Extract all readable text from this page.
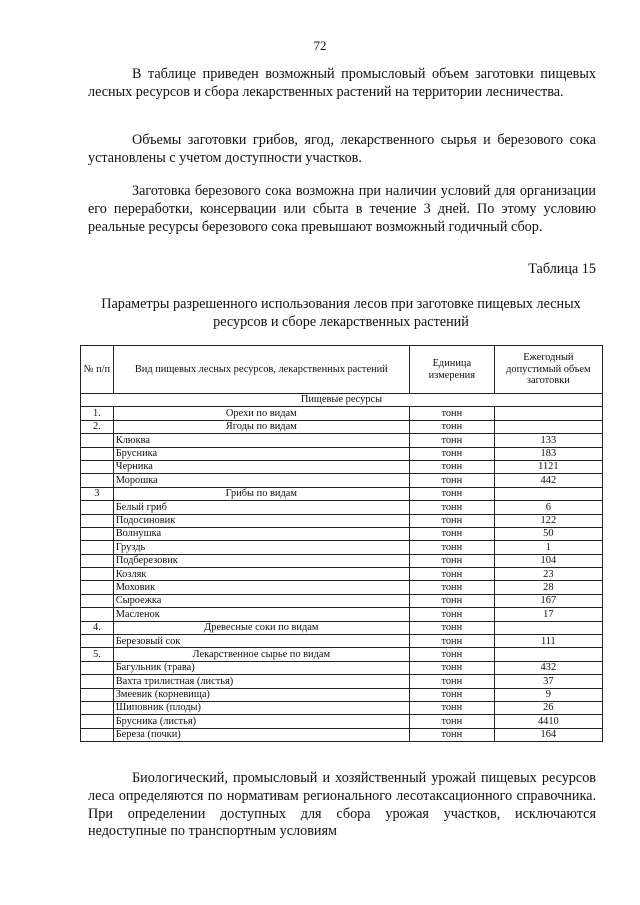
72

В таблице приведен возможный промысловый объем заготовки пищевых лесных ресурсов и сбора лекарственных растений на территории лесничества.

Объемы заготовки грибов, ягод, лекарственного сырья и березового сока установлены с учетом доступности участков.

Заготовка березового сока возможна при наличии условий для организации его переработки, консервации или сбыта в течение 3 дней. По этому условию реальные ресурсы березового сока превышают возможный годичный сбор.

Таблица 15

Параметры разрешенного использования лесов при заготовке пищевых лесных ресурсов и сборе лекарственных растений

№ п/п	Вид пищевых лесных ресурсов, лекарственных растений	Единица измерения	Ежегодный допустимый объем заготовки
Пищевые ресурсы			
1.	Орехи по видам	тонн	
2.	Ягоды по видам	тонн	
	Клюква	тонн	133
	Брусника	тонн	183
	Черника	тонн	1121
	Морошка	тонн	442
3	Грибы по видам	тонн	
	Белый гриб	тонн	6
	Подосиновик	тонн	122
	Волнушка	тонн	50
	Груздь	тонн	1
	Подберезовик	тонн	104
	Козляк	тонн	23
	Моховик	тонн	28
	Сыроежка	тонн	167
	Масленок	тонн	17
4.	Древесные соки по видам	тонн	
	Березовый сок	тонн	111
5.	Лекарственное сырье по видам	тонн	
	Багульник (трава)	тонн	432
	Вахта трилистная (листья)	тонн	37
	Змеевик (корневища)	тонн	9
	Шиповник (плоды)	тонн	26
	Брусника (листья)	тонн	4410
	Береза (почки)	тонн	164

Биологический, промысловый и хозяйственный урожай пищевых ресурсов леса определяются по нормативам регионального лесотаксационного справочника. При определении доступных для сбора урожая участков, исключаются недоступные по транспортным условиям
